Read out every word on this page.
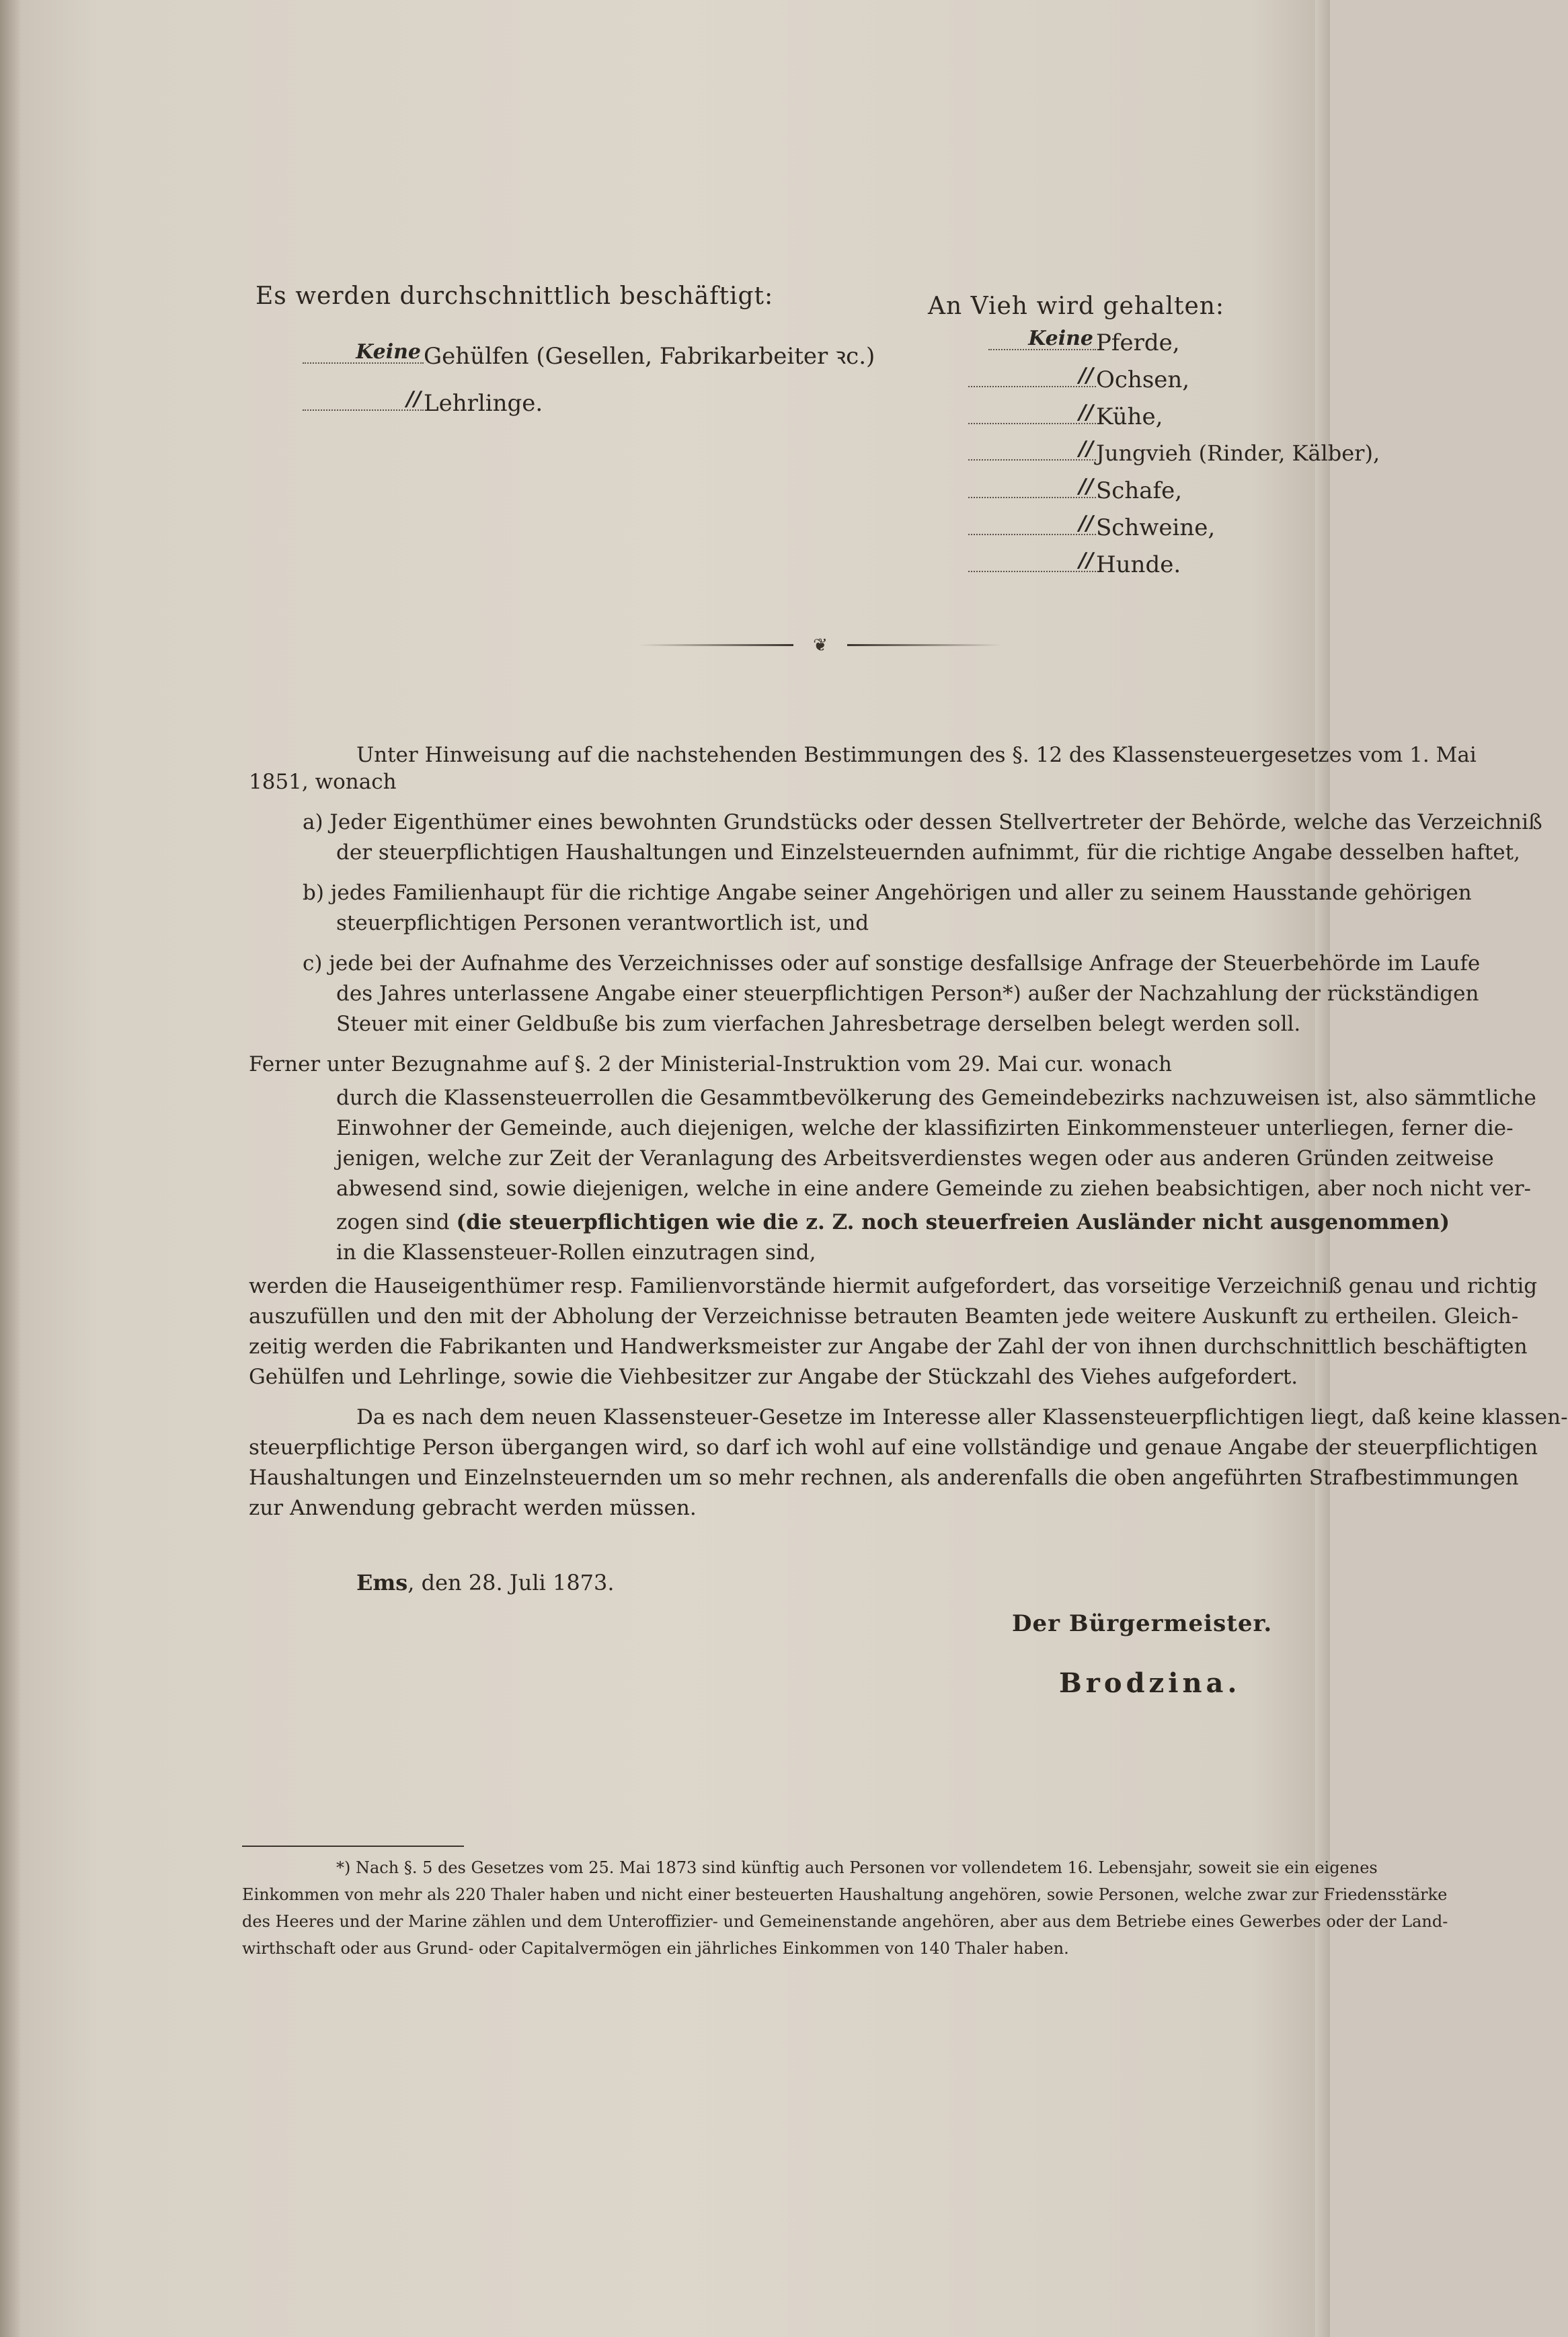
Es werden durchschnittlich beschäftigt:
Keine Gehülfen (Gesellen, Fabrikarbeiter ꝛc.)
// Lehrlinge.
An Vieh wird gehalten:
Keine Pferde,
// Ochsen,
// Kühe,
// Jungvieh (Rinder, Kälber),
// Schafe,
// Schweine,
// Hunde.
❦
Unter Hinweisung auf die nachstehenden Bestimmungen des §. 12 des Klassensteuergesetzes vom 1. Mai
1851, wonach
a) Jeder Eigenthümer eines bewohnten Grundstücks oder dessen Stellvertreter der Behörde, welche das Verzeichniß
der steuerpflichtigen Haushaltungen und Einzelsteuernden aufnimmt, für die richtige Angabe desselben haftet,
b) jedes Familienhaupt für die richtige Angabe seiner Angehörigen und aller zu seinem Hausstande gehörigen
steuerpflichtigen Personen verantwortlich ist, und
c) jede bei der Aufnahme des Verzeichnisses oder auf sonstige desfallsige Anfrage der Steuerbehörde im Laufe
des Jahres unterlassene Angabe einer steuerpflichtigen Person*) außer der Nachzahlung der rückständigen
Steuer mit einer Geldbuße bis zum vierfachen Jahresbetrage derselben belegt werden soll.
Ferner unter Bezugnahme auf §. 2 der Ministerial-Instruktion vom 29. Mai cur. wonach
durch die Klassensteuerrollen die Gesammtbevölkerung des Gemeindebezirks nachzuweisen ist, also sämmtliche
Einwohner der Gemeinde, auch diejenigen, welche der klassifizirten Einkommensteuer unterliegen, ferner die-
jenigen, welche zur Zeit der Veranlagung des Arbeitsverdienstes wegen oder aus anderen Gründen zeitweise
abwesend sind, sowie diejenigen, welche in eine andere Gemeinde zu ziehen beabsichtigen, aber noch nicht ver-
zogen sind (die steuerpflichtigen wie die z. Z. noch steuerfreien Ausländer nicht ausgenommen)
in die Klassensteuer-Rollen einzutragen sind,
werden die Hauseigenthümer resp. Familienvorstände hiermit aufgefordert, das vorseitige Verzeichniß genau und richtig
auszufüllen und den mit der Abholung der Verzeichnisse betrauten Beamten jede weitere Auskunft zu ertheilen. Gleich-
zeitig werden die Fabrikanten und Handwerksmeister zur Angabe der Zahl der von ihnen durchschnittlich beschäftigten
Gehülfen und Lehrlinge, sowie die Viehbesitzer zur Angabe der Stückzahl des Viehes aufgefordert.
Da es nach dem neuen Klassensteuer-Gesetze im Interesse aller Klassensteuerpflichtigen liegt, daß keine klassen-
steuerpflichtige Person übergangen wird, so darf ich wohl auf eine vollständige und genaue Angabe der steuerpflichtigen
Haushaltungen und Einzelnsteuernden um so mehr rechnen, als anderenfalls die oben angeführten Strafbestimmungen
zur Anwendung gebracht werden müssen.
Ems, den 28. Juli 1873.
Der Bürgermeister.
Brodzina.
*) Nach §. 5 des Gesetzes vom 25. Mai 1873 sind künftig auch Personen vor vollendetem 16. Lebensjahr, soweit sie ein eigenes
Einkommen von mehr als 220 Thaler haben und nicht einer besteuerten Haushaltung angehören, sowie Personen, welche zwar zur Friedensstärke
des Heeres und der Marine zählen und dem Unteroffizier- und Gemeinenstande angehören, aber aus dem Betriebe eines Gewerbes oder der Land-
wirthschaft oder aus Grund- oder Capitalvermögen ein jährliches Einkommen von 140 Thaler haben.
